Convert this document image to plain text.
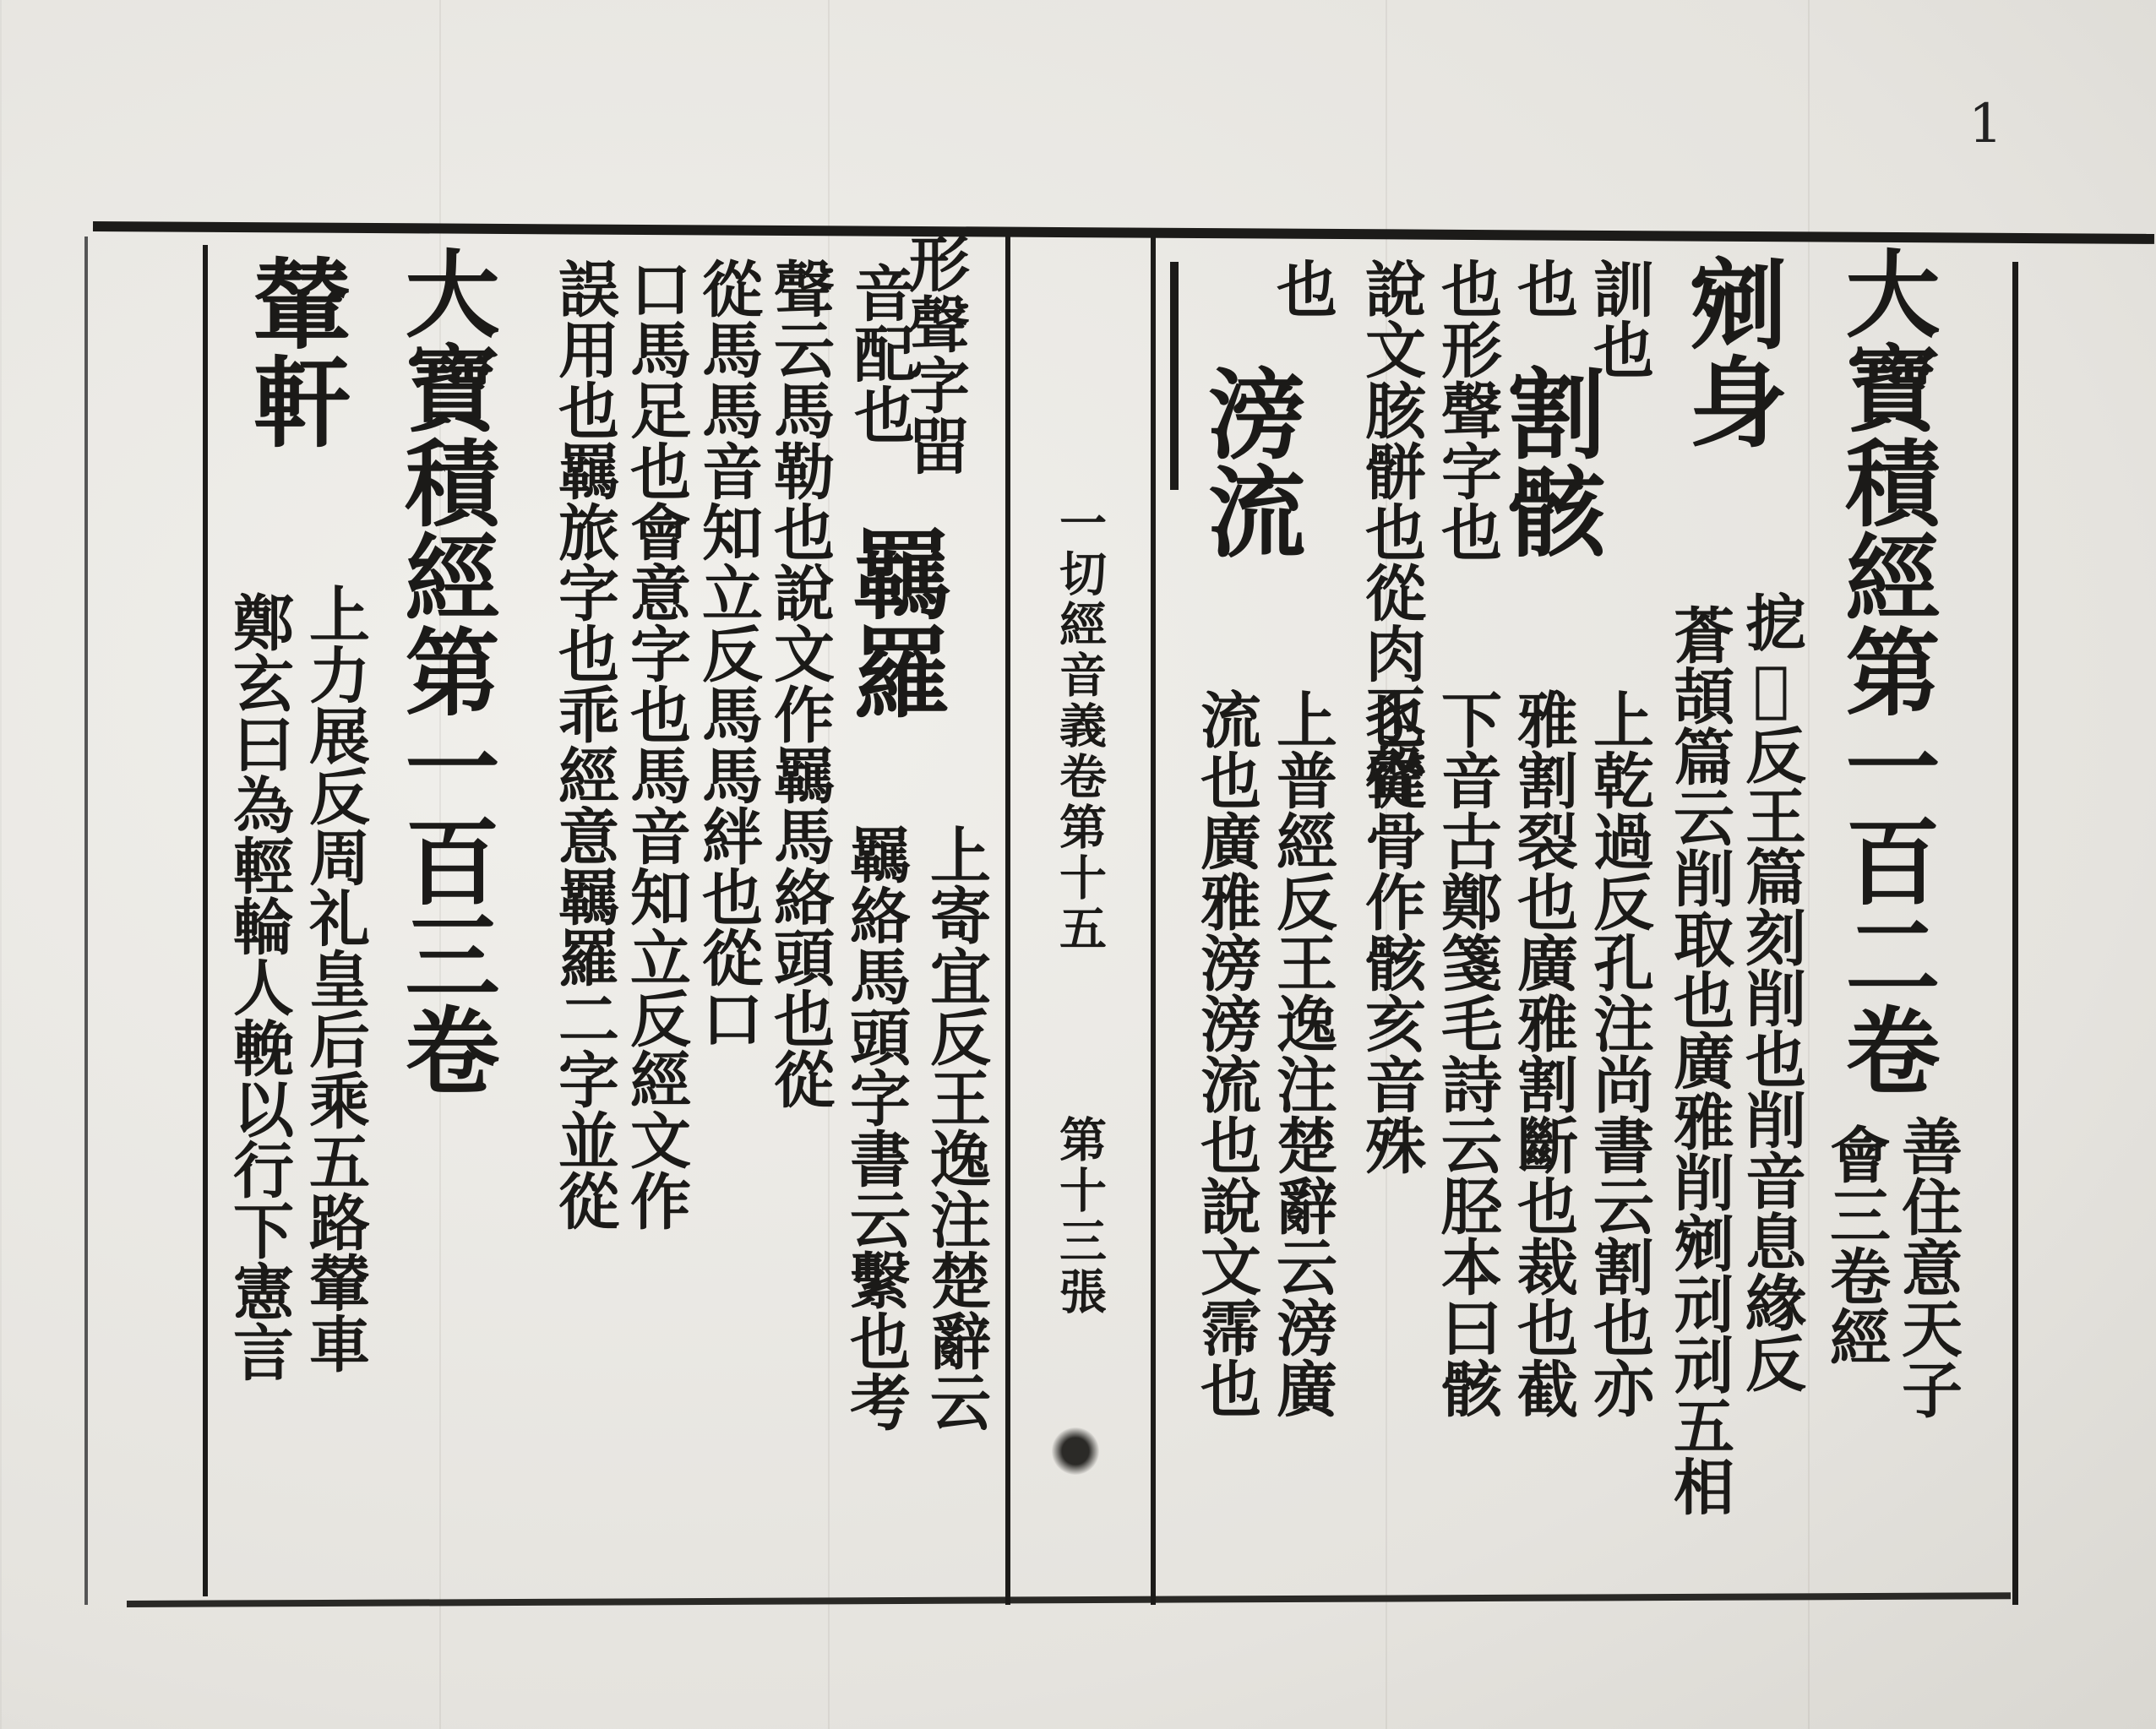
1
大寶積經第一百二卷
善住意天子
會三卷經
剜身
㧖𪚏反王篇刻削也削音息緣反
蒼頡篇云削取也廣雅削剜刓刓五相
訓也
上乾過反孔注尚書云割也亦
雅割裂也廣雅割斷也裁也截
也
割骸
也形聲字也
下音古鄭箋毛詩云胫本曰骸
說文胲骿也從肉豕聲
也從骨作骸亥音殊
也
滂流
上普經反王逸注楚辭云滂廣
流也廣雅滂滂流也說文霈也
一切經音義卷第十五
第十三張
形聲字㽞
音配也
羈羅
上寄宜反王逸注楚辭云
羈絡馬頭字書云繫也考
聲云馬勒也說文作羈馬絡頭也從
從馬馬音知立反馬馬絆也從口
口馬足也會意字也馬音知立反經文作
誤用也羈旅字也乖經意羈羅二字並從
大寶積經第一百三卷
輦軒
上力展反周礼皇后乘五路輦車
鄭玄曰為輕輪人輓以行下憲言
